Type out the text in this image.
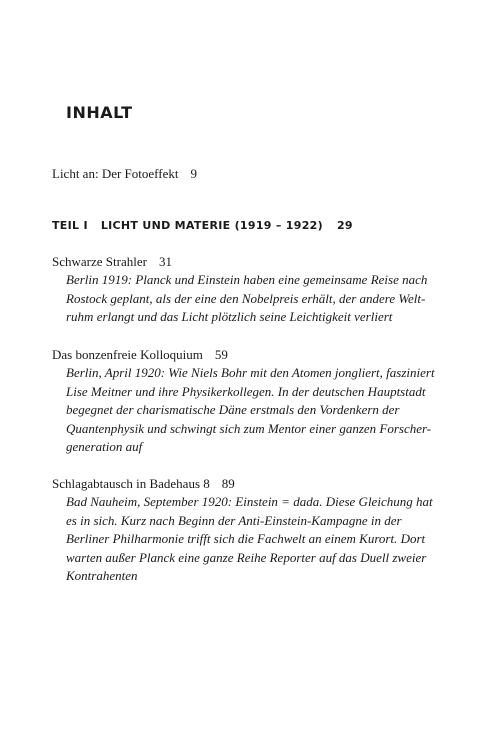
INHALT
Licht an: Der Fotoeffekt 9
TEIL I LICHT UND MATERIE (1919 – 1922) 29
Schwarze Strahler 31
Berlin 1919: Planck und Einstein haben eine gemeinsame Reise nach
Rostock geplant, als der eine den Nobelpreis erhält, der andere Welt-
ruhm erlangt und das Licht plötzlich seine Leichtigkeit verliert
Das bonzenfreie Kolloquium 59
Berlin, April 1920: Wie Niels Bohr mit den Atomen jongliert, fasziniert
Lise Meitner und ihre Physikerkollegen. In der deutschen Hauptstadt
begegnet der charismatische Däne erstmals den Vordenkern der
Quantenphysik und schwingt sich zum Mentor einer ganzen Forscher-
generation auf
Schlagabtausch in Badehaus 8 89
Bad Nauheim, September 1920: Einstein = dada. Diese Gleichung hat
es in sich. Kurz nach Beginn der Anti-Einstein-Kampagne in der
Berliner Philharmonie trifft sich die Fachwelt an einem Kurort. Dort
warten außer Planck eine ganze Reihe Reporter auf das Duell zweier
Kontrahenten
